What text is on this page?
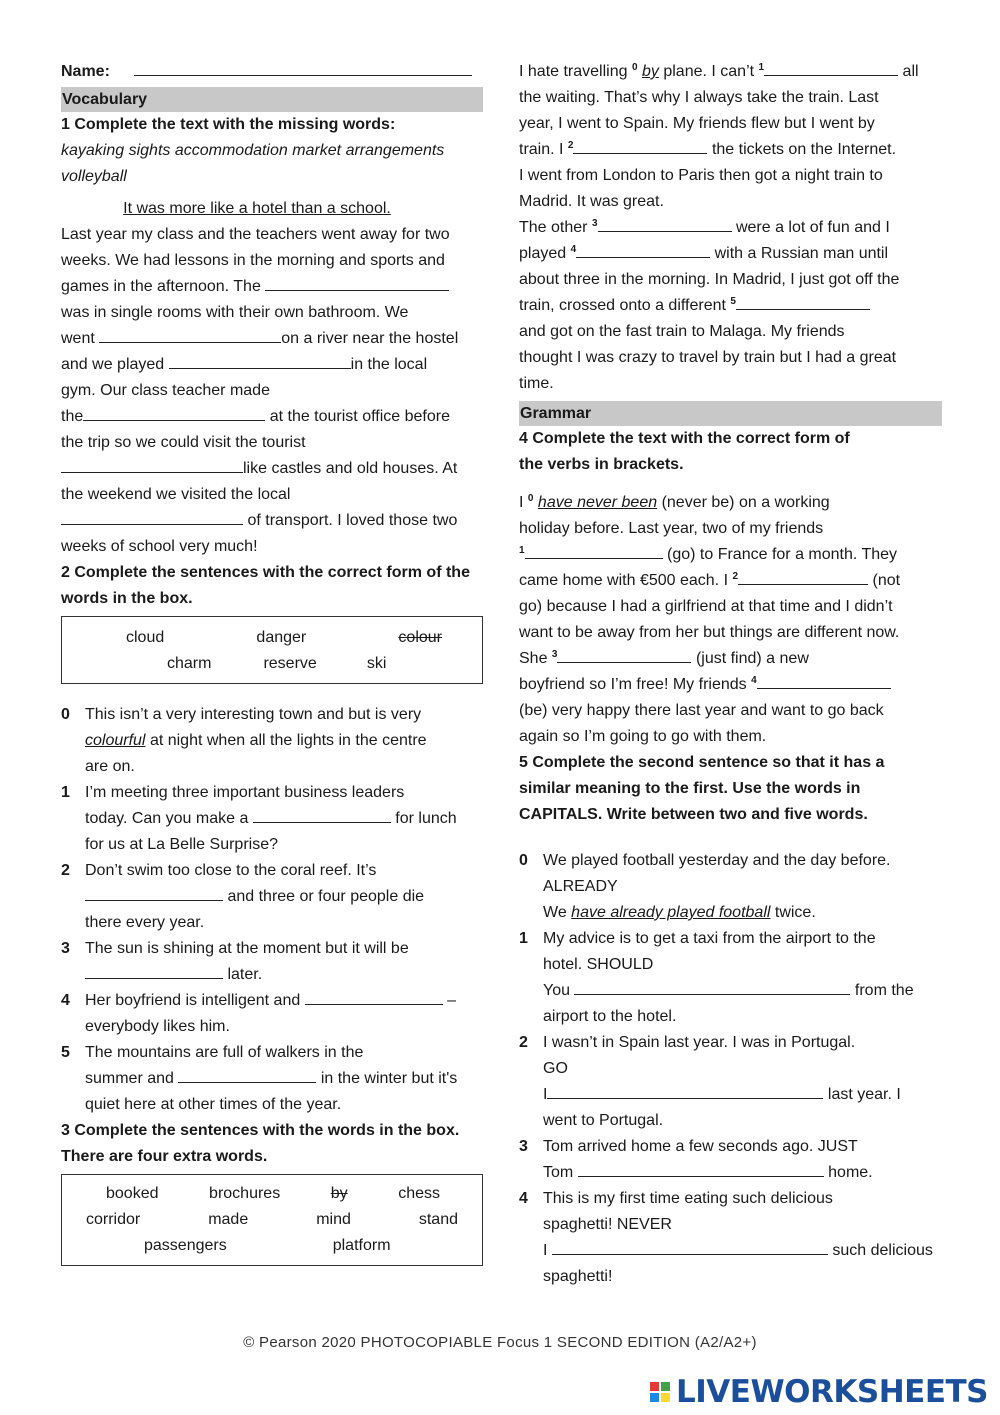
Name:
Vocabulary
1 Complete the text with the missing words:
kayaking sights accommodation market arrangements
volleyball
It was more like a hotel than a school.
Last year my class and the teachers went away for two
weeks. We had lessons in the morning and sports and
games in the afternoon. The
was in single rooms with their own bathroom. We
went	on a river near the hostel
and we played	in the local
gym. Our class teacher made
the	at the tourist office before
the trip so we could visit the tourist
like castles and old houses. At
the weekend we visited the local
of transport. I loved those two
weeks of school very much!
2 Complete the sentences with the correct form of the
words in the box.
cloud	danger	colour
charm	reserve	ski
0 This isn’t a very interesting town and but is very
colourful at night when all the lights in the centre
are on.
1 I’m meeting three important business leaders
today. Can you make a	for lunch
for us at La Belle Surprise?
2 Don’t swim too close to the coral reef. It’s
and three or four people die
there every year.
3 The sun is shining at the moment but it will be
later.
4 Her boyfriend is intelligent and	–
everybody likes him.
5 The mountains are full of walkers in the
summer and	in the winter but it's
quiet here at other times of the year.
3 Complete the sentences with the words in the box.
There are four extra words.
booked	brochures	by	chess
corridor	made	mind	stand
passengers	platform
I hate travelling $^0$ by plane. I can’t $^1$	all
the waiting. That’s why I always take the train. Last
year, I went to Spain. My friends flew but I went by
train. I $^2$	the tickets on the Internet.
I went from London to Paris then got a night train to
Madrid. It was great.
The other $^3$	were a lot of fun and I
played $^4$	with a Russian man until
about three in the morning. In Madrid, I just got off the
train, crossed onto a different $^5$
and got on the fast train to Malaga. My friends
thought I was crazy to travel by train but I had a great
time.
Grammar
4 Complete the text with the correct form of
the verbs in brackets.
I $^0$ have never been (never be) on a working
holiday before. Last year, two of my friends
$^1$	(go) to France for a month. They
came home with €500 each. I $^2$	(not
go) because I had a girlfriend at that time and I didn’t
want to be away from her but things are different now.
She $^3$	(just find) a new
boyfriend so I’m free! My friends $^4$
(be) very happy there last year and want to go back
again so I’m going to go with them.
5 Complete the second sentence so that it has a
similar meaning to the first. Use the words in
CAPITALS. Write between two and five words.
0 We played football yesterday and the day before.
ALREADY
We have already played football twice.
1 My advice is to get a taxi from the airport to the
hotel. SHOULD
You	from the
airport to the hotel.
2 I wasn’t in Spain last year. I was in Portugal.
GO
I	last year. I
went to Portugal.
3 Tom arrived home a few seconds ago. JUST
Tom	home.
4 This is my first time eating such delicious
spaghetti! NEVER
I	such delicious
spaghetti!
© Pearson 2020 PHOTOCOPIABLE Focus 1 SECOND EDITION (A2/A2+)
LIVEWORKSHEETS
